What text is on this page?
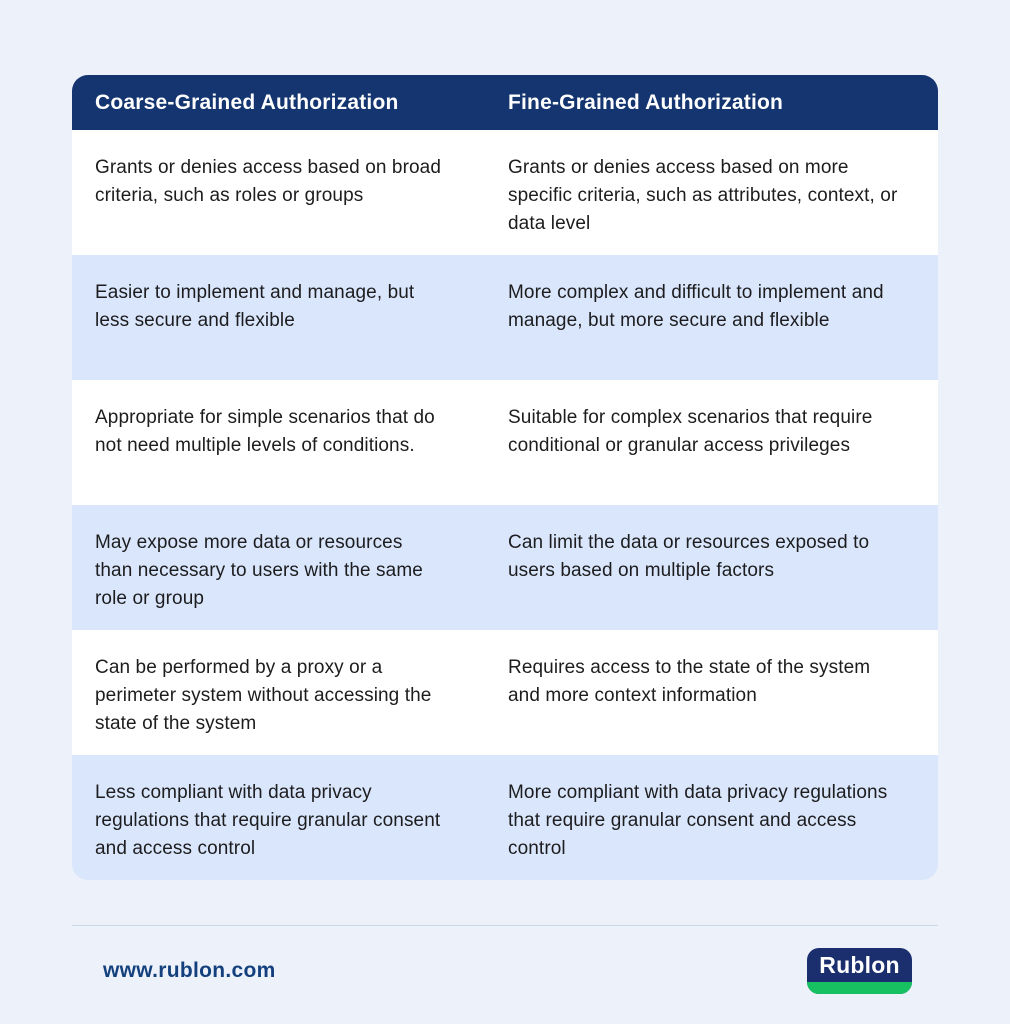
Coarse-Grained Authorization	Fine-Grained Authorization
Grants or denies access based on broad criteria, such as roles or groups
Grants or denies access based on more specific criteria, such as attributes, context, or data level
Easier to implement and manage, but less secure and flexible
More complex and difficult to implement and manage, but more secure and flexible
Appropriate for simple scenarios that do not need multiple levels of conditions.
Suitable for complex scenarios that require conditional or granular access privileges
May expose more data or resources than necessary to users with the same role or group
Can limit the data or resources exposed to users based on multiple factors
Can be performed by a proxy or a perimeter system without accessing the state of the system
Requires access to the state of the system and more context information
Less compliant with data privacy regulations that require granular consent and access control
More compliant with data privacy regulations that require granular consent and access control
www.rublon.com	Rublon
